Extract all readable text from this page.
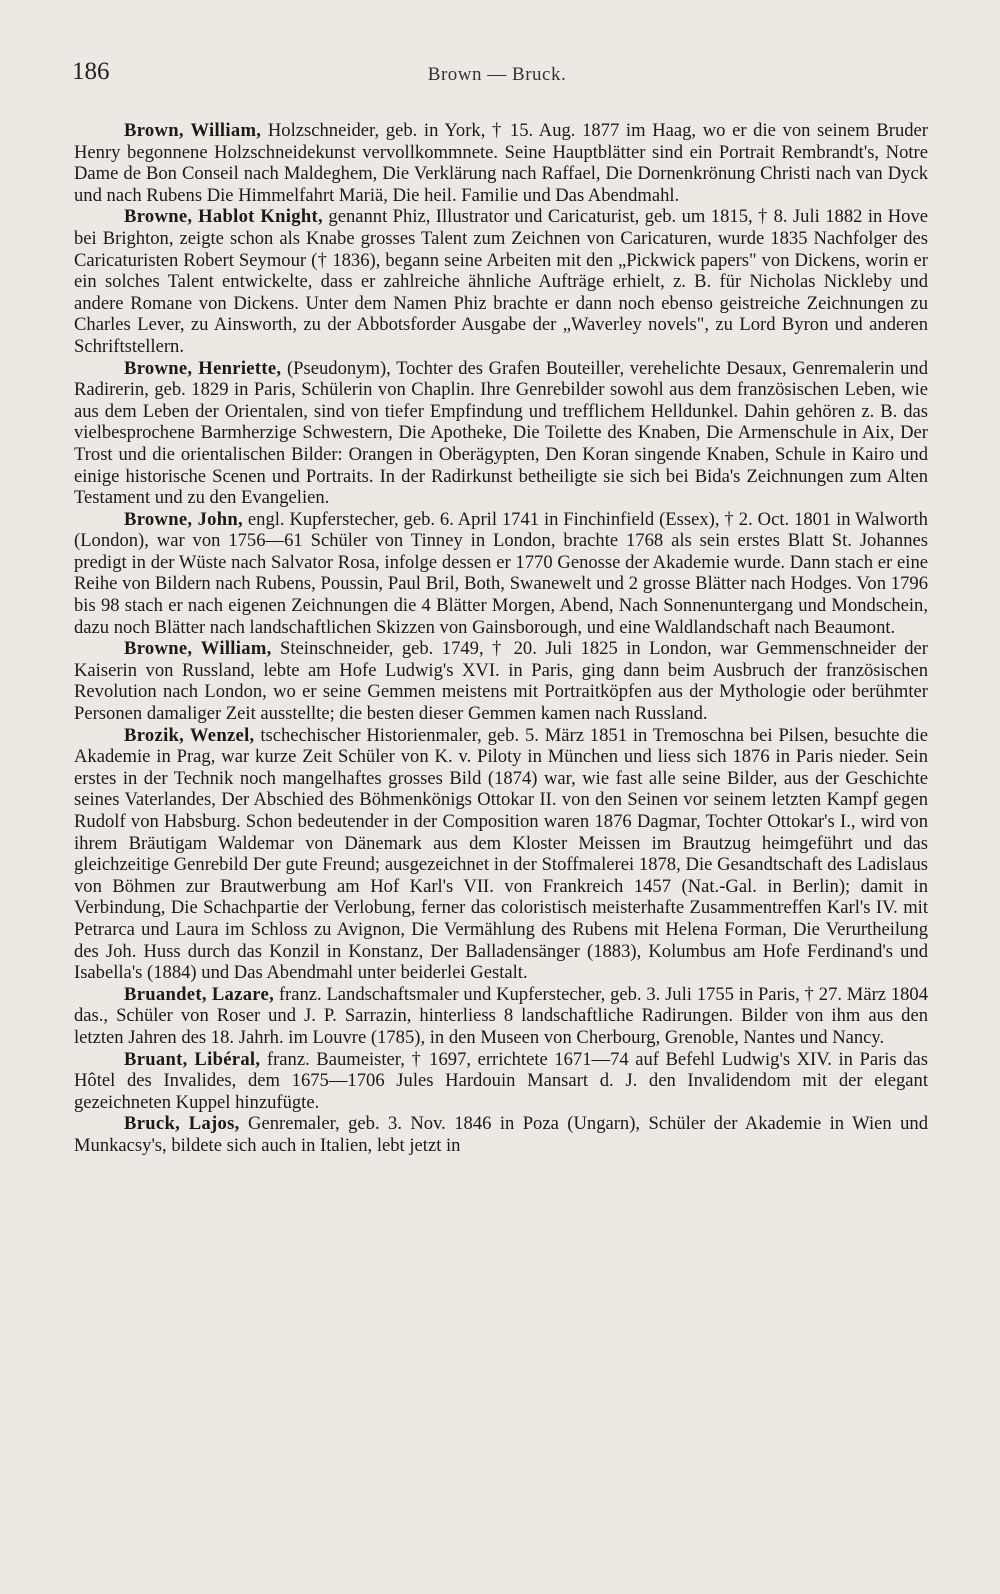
186	Brown — Bruck.

Brown, William, Holzschneider, geb. in York, † 15. Aug. 1877 im Haag, wo er die von seinem Bruder Henry begonnene Holzschneidekunst vervollkommnete. Seine Hauptblätter sind ein Portrait Rembrandt's, Notre Dame de Bon Conseil nach Maldeghem, Die Verklärung nach Raffael, Die Dornenkrönung Christi nach van Dyck und nach Rubens Die Himmelfahrt Mariä, Die heil. Familie und Das Abendmahl.

Browne, Hablot Knight, genannt Phiz, Illustrator und Caricaturist, geb. um 1815, † 8. Juli 1882 in Hove bei Brighton, zeigte schon als Knabe grosses Talent zum Zeichnen von Caricaturen, wurde 1835 Nachfolger des Caricaturisten Robert Seymour († 1836), begann seine Arbeiten mit den „Pickwick papers" von Dickens, worin er ein solches Talent entwickelte, dass er zahlreiche ähnliche Aufträge erhielt, z. B. für Nicholas Nickleby und andere Romane von Dickens. Unter dem Namen Phiz brachte er dann noch ebenso geistreiche Zeichnungen zu Charles Lever, zu Ainsworth, zu der Abbotsforder Ausgabe der „Waverley novels", zu Lord Byron und anderen Schriftstellern.

Browne, Henriette, (Pseudonym), Tochter des Grafen Bouteiller, verehelichte Desaux, Genremalerin und Radirerin, geb. 1829 in Paris, Schülerin von Chaplin. Ihre Genrebilder sowohl aus dem französischen Leben, wie aus dem Leben der Orientalen, sind von tiefer Empfindung und trefflichem Helldunkel. Dahin gehören z. B. das vielbesprochene Barmherzige Schwestern, Die Apotheke, Die Toilette des Knaben, Die Armenschule in Aix, Der Trost und die orientalischen Bilder: Orangen in Oberägypten, Den Koran singende Knaben, Schule in Kairo und einige historische Scenen und Portraits. In der Radirkunst betheiligte sie sich bei Bida's Zeichnungen zum Alten Testament und zu den Evangelien.

Browne, John, engl. Kupferstecher, geb. 6. April 1741 in Finchinfield (Essex), † 2. Oct. 1801 in Walworth (London), war von 1756—61 Schüler von Tinney in London, brachte 1768 als sein erstes Blatt St. Johannes predigt in der Wüste nach Salvator Rosa, infolge dessen er 1770 Genosse der Akademie wurde. Dann stach er eine Reihe von Bildern nach Rubens, Poussin, Paul Bril, Both, Swanewelt und 2 grosse Blätter nach Hodges. Von 1796 bis 98 stach er nach eigenen Zeichnungen die 4 Blätter Morgen, Abend, Nach Sonnenuntergang und Mondschein, dazu noch Blätter nach landschaftlichen Skizzen von Gainsborough, und eine Waldlandschaft nach Beaumont.

Browne, William, Steinschneider, geb. 1749, † 20. Juli 1825 in London, war Gemmenschneider der Kaiserin von Russland, lebte am Hofe Ludwig's XVI. in Paris, ging dann beim Ausbruch der französischen Revolution nach London, wo er seine Gemmen meistens mit Portraitköpfen aus der Mythologie oder berühmter Personen damaliger Zeit ausstellte; die besten dieser Gemmen kamen nach Russland.

Brozik, Wenzel, tschechischer Historienmaler, geb. 5. März 1851 in Tremoschna bei Pilsen, besuchte die Akademie in Prag, war kurze Zeit Schüler von K. v. Piloty in München und liess sich 1876 in Paris nieder. Sein erstes in der Technik noch mangelhaftes grosses Bild (1874) war, wie fast alle seine Bilder, aus der Geschichte seines Vaterlandes, Der Abschied des Böhmenkönigs Ottokar II. von den Seinen vor seinem letzten Kampf gegen Rudolf von Habsburg. Schon bedeutender in der Composition waren 1876 Dagmar, Tochter Ottokar's I., wird von ihrem Bräutigam Waldemar von Dänemark aus dem Kloster Meissen im Brautzug heimgeführt und das gleichzeitige Genrebild Der gute Freund; ausgezeichnet in der Stoffmalerei 1878, Die Gesandtschaft des Ladislaus von Böhmen zur Brautwerbung am Hof Karl's VII. von Frankreich 1457 (Nat.-Gal. in Berlin); damit in Verbindung, Die Schachpartie der Verlobung, ferner das coloristisch meisterhafte Zusammentreffen Karl's IV. mit Petrarca und Laura im Schloss zu Avignon, Die Vermählung des Rubens mit Helena Forman, Die Verurtheilung des Joh. Huss durch das Konzil in Konstanz, Der Balladensänger (1883), Kolumbus am Hofe Ferdinand's und Isabella's (1884) und Das Abendmahl unter beiderlei Gestalt.

Bruandet, Lazare, franz. Landschaftsmaler und Kupferstecher, geb. 3. Juli 1755 in Paris, † 27. März 1804 das., Schüler von Roser und J. P. Sarrazin, hinterliess 8 landschaftliche Radirungen. Bilder von ihm aus den letzten Jahren des 18. Jahrh. im Louvre (1785), in den Museen von Cherbourg, Grenoble, Nantes und Nancy.

Bruant, Libéral, franz. Baumeister, † 1697, errichtete 1671—74 auf Befehl Ludwig's XIV. in Paris das Hôtel des Invalides, dem 1675—1706 Jules Hardouin Mansart d. J. den Invalidendom mit der elegant gezeichneten Kuppel hinzufügte.

Bruck, Lajos, Genremaler, geb. 3. Nov. 1846 in Poza (Ungarn), Schüler der Akademie in Wien und Munkacsy's, bildete sich auch in Italien, lebt jetzt in
